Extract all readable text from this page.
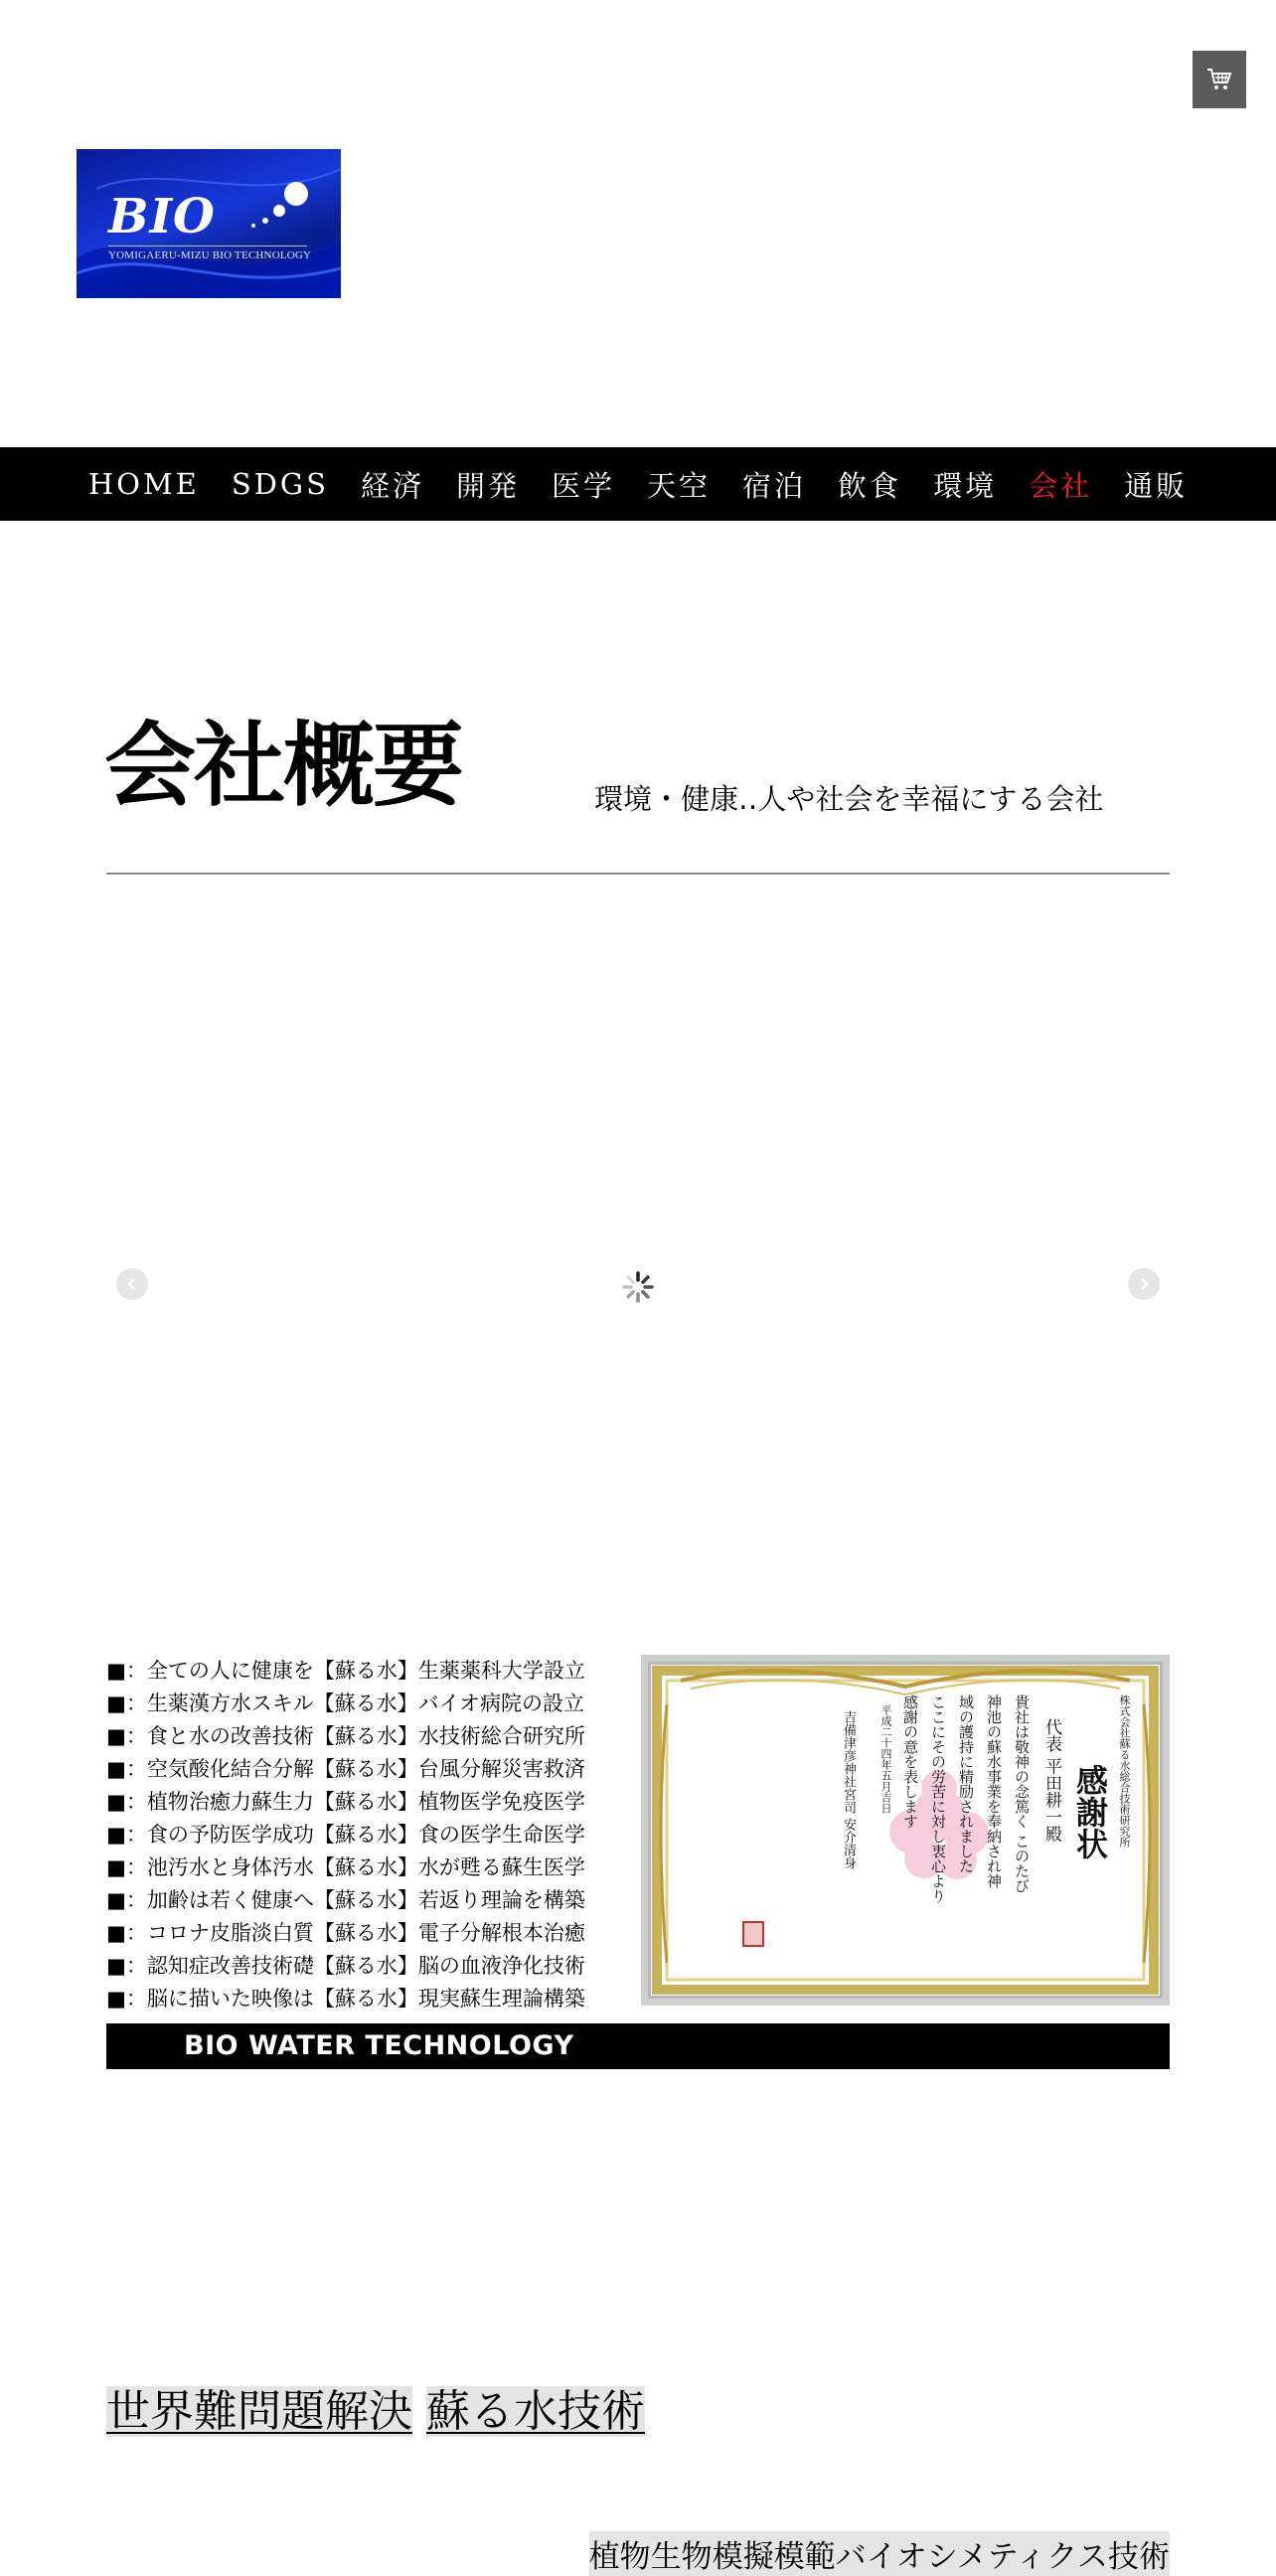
BIO
YOMIGAERU-MIZU BIO TECHNOLOGY
HOME SDGS 経済 開発 医学 天空 宿泊 飲食 環境 会社 通販
会社概要	環境・健康‥人や社会を幸福にする会社
■：全ての人に健康を【蘇る水】生薬薬科大学設立
■：生薬漢方水スキル【蘇る水】バイオ病院の設立
■：食と水の改善技術【蘇る水】水技術総合研究所
■：空気酸化結合分解【蘇る水】台風分解災害救済
■：植物治癒力蘇生力【蘇る水】植物医学免疫医学
■：食の予防医学成功【蘇る水】食の医学生命医学
■：池汚水と身体汚水【蘇る水】水が甦る蘇生医学
■：加齢は若く健康へ【蘇る水】若返り理論を構築
■：コロナ皮脂淡白質【蘇る水】電子分解根本治癒
■：認知症改善技術礎【蘇る水】脳の血液浄化技術
■：脳に描いた映像は【蘇る水】現実蘇生理論構築
株式会社蘇る水総合技術研究所
感謝状
代表 平田耕一殿
貴社は敬神の念篤く このたび
神池の蘇水事業を奉納され神
域の護持に精励されました
ここにその労苦に対し衷心より
感謝の意を表します
平成二十四年五月吉日
吉備津彦神社宮司 安介清身
BIO WATER TECHNOLOGY
世界難問題解決 蘇る水技術
植物生物模擬模範バイオシメティクス技術
